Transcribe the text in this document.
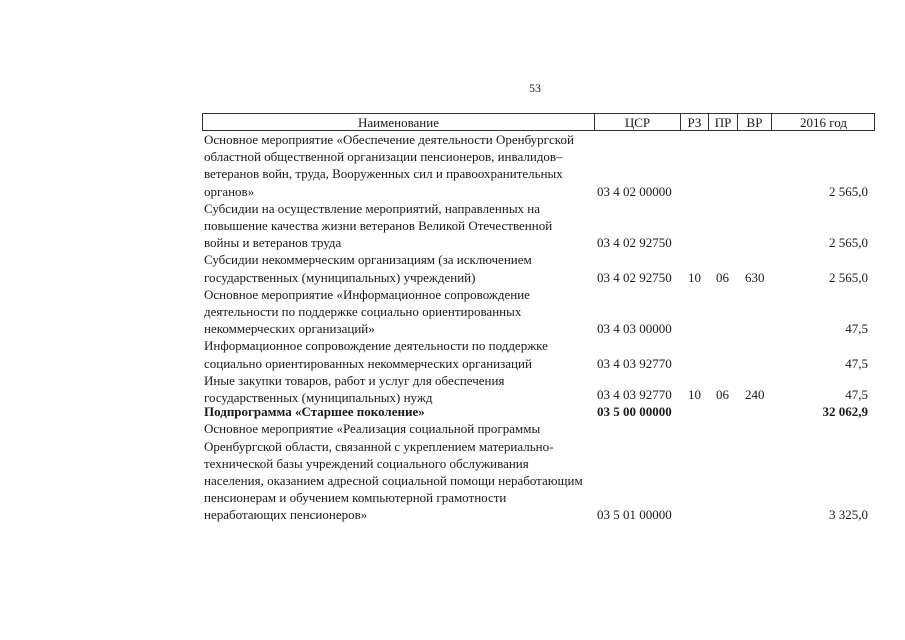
53
Наименование	ЦСР	РЗ	ПР	ВР	2016 год
Основное мероприятие «Обеспечение деятельности Оренбургской
областной общественной организации пенсионеров, инвалидов–
ветеранов войн, труда, Вооруженных сил и правоохранительных
органов»	03 4 02 00000	2 565,0
Субсидии на осуществление мероприятий, направленных на
повышение качества жизни ветеранов Великой Отечественной
войны и ветеранов труда	03 4 02 92750	2 565,0
Субсидии некоммерческим организациям (за исключением
государственных (муниципальных) учреждений)	03 4 02 92750 10 06 630	2 565,0
Основное мероприятие «Информационное сопровождение
деятельности по поддержке социально ориентированных
некоммерческих организаций»	03 4 03 00000	47,5
Информационное сопровождение деятельности по поддержке
социально ориентированных некоммерческих организаций	03 4 03 92770	47,5
Иные закупки товаров, работ и услуг для обеспечения
государственных (муниципальных) нужд	03 4 03 92770 10 06 240	47,5
Подпрограмма «Старшее поколение»	03 5 00 00000	32 062,9
Основное мероприятие «Реализация социальной программы
Оренбургской области, связанной с укреплением материально-
технической базы учреждений социального обслуживания
населения, оказанием адресной социальной помощи неработающим
пенсионерам и обучением компьютерной грамотности
неработающих пенсионеров»	03 5 01 00000	3 325,0
